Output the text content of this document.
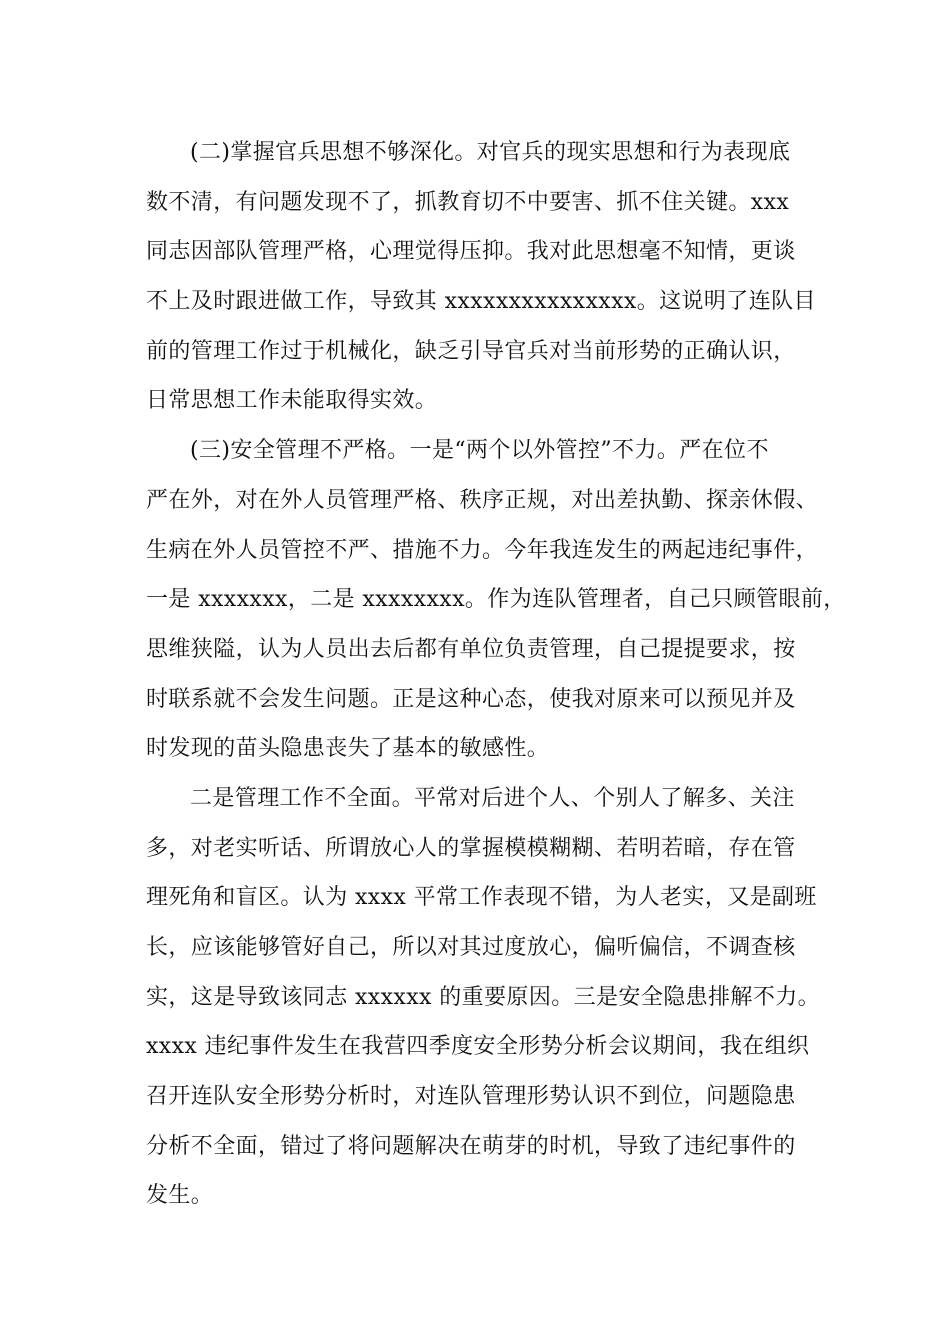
(二)掌握官兵思想不够深化。对官兵的现实思想和行为表现底
数不清，有问题发现不了，抓教育切不中要害、抓不住关键。xxx
同志因部队管理严格，心理觉得压抑。我对此思想毫不知情，更谈
不上及时跟进做工作，导致其 xxxxxxxxxxxxxxx。这说明了连队目
前的管理工作过于机械化，缺乏引导官兵对当前形势的正确认识，
日常思想工作未能取得实效。
(三)安全管理不严格。一是“两个以外管控”不力。严在位不
严在外，对在外人员管理严格、秩序正规，对出差执勤、探亲休假、
生病在外人员管控不严、措施不力。今年我连发生的两起违纪事件，
一是 xxxxxxx，二是 xxxxxxxx。作为连队管理者，自己只顾管眼前，
思维狭隘，认为人员出去后都有单位负责管理，自己提提要求，按
时联系就不会发生问题。正是这种心态，使我对原来可以预见并及
时发现的苗头隐患丧失了基本的敏感性。
二是管理工作不全面。平常对后进个人、个别人了解多、关注
多，对老实听话、所谓放心人的掌握模模糊糊、若明若暗，存在管
理死角和盲区。认为 xxxx 平常工作表现不错，为人老实，又是副班
长，应该能够管好自己，所以对其过度放心，偏听偏信，不调查核
实，这是导致该同志 xxxxxx 的重要原因。三是安全隐患排解不力。
xxxx 违纪事件发生在我营四季度安全形势分析会议期间，我在组织
召开连队安全形势分析时，对连队管理形势认识不到位，问题隐患
分析不全面，错过了将问题解决在萌芽的时机，导致了违纪事件的
发生。
